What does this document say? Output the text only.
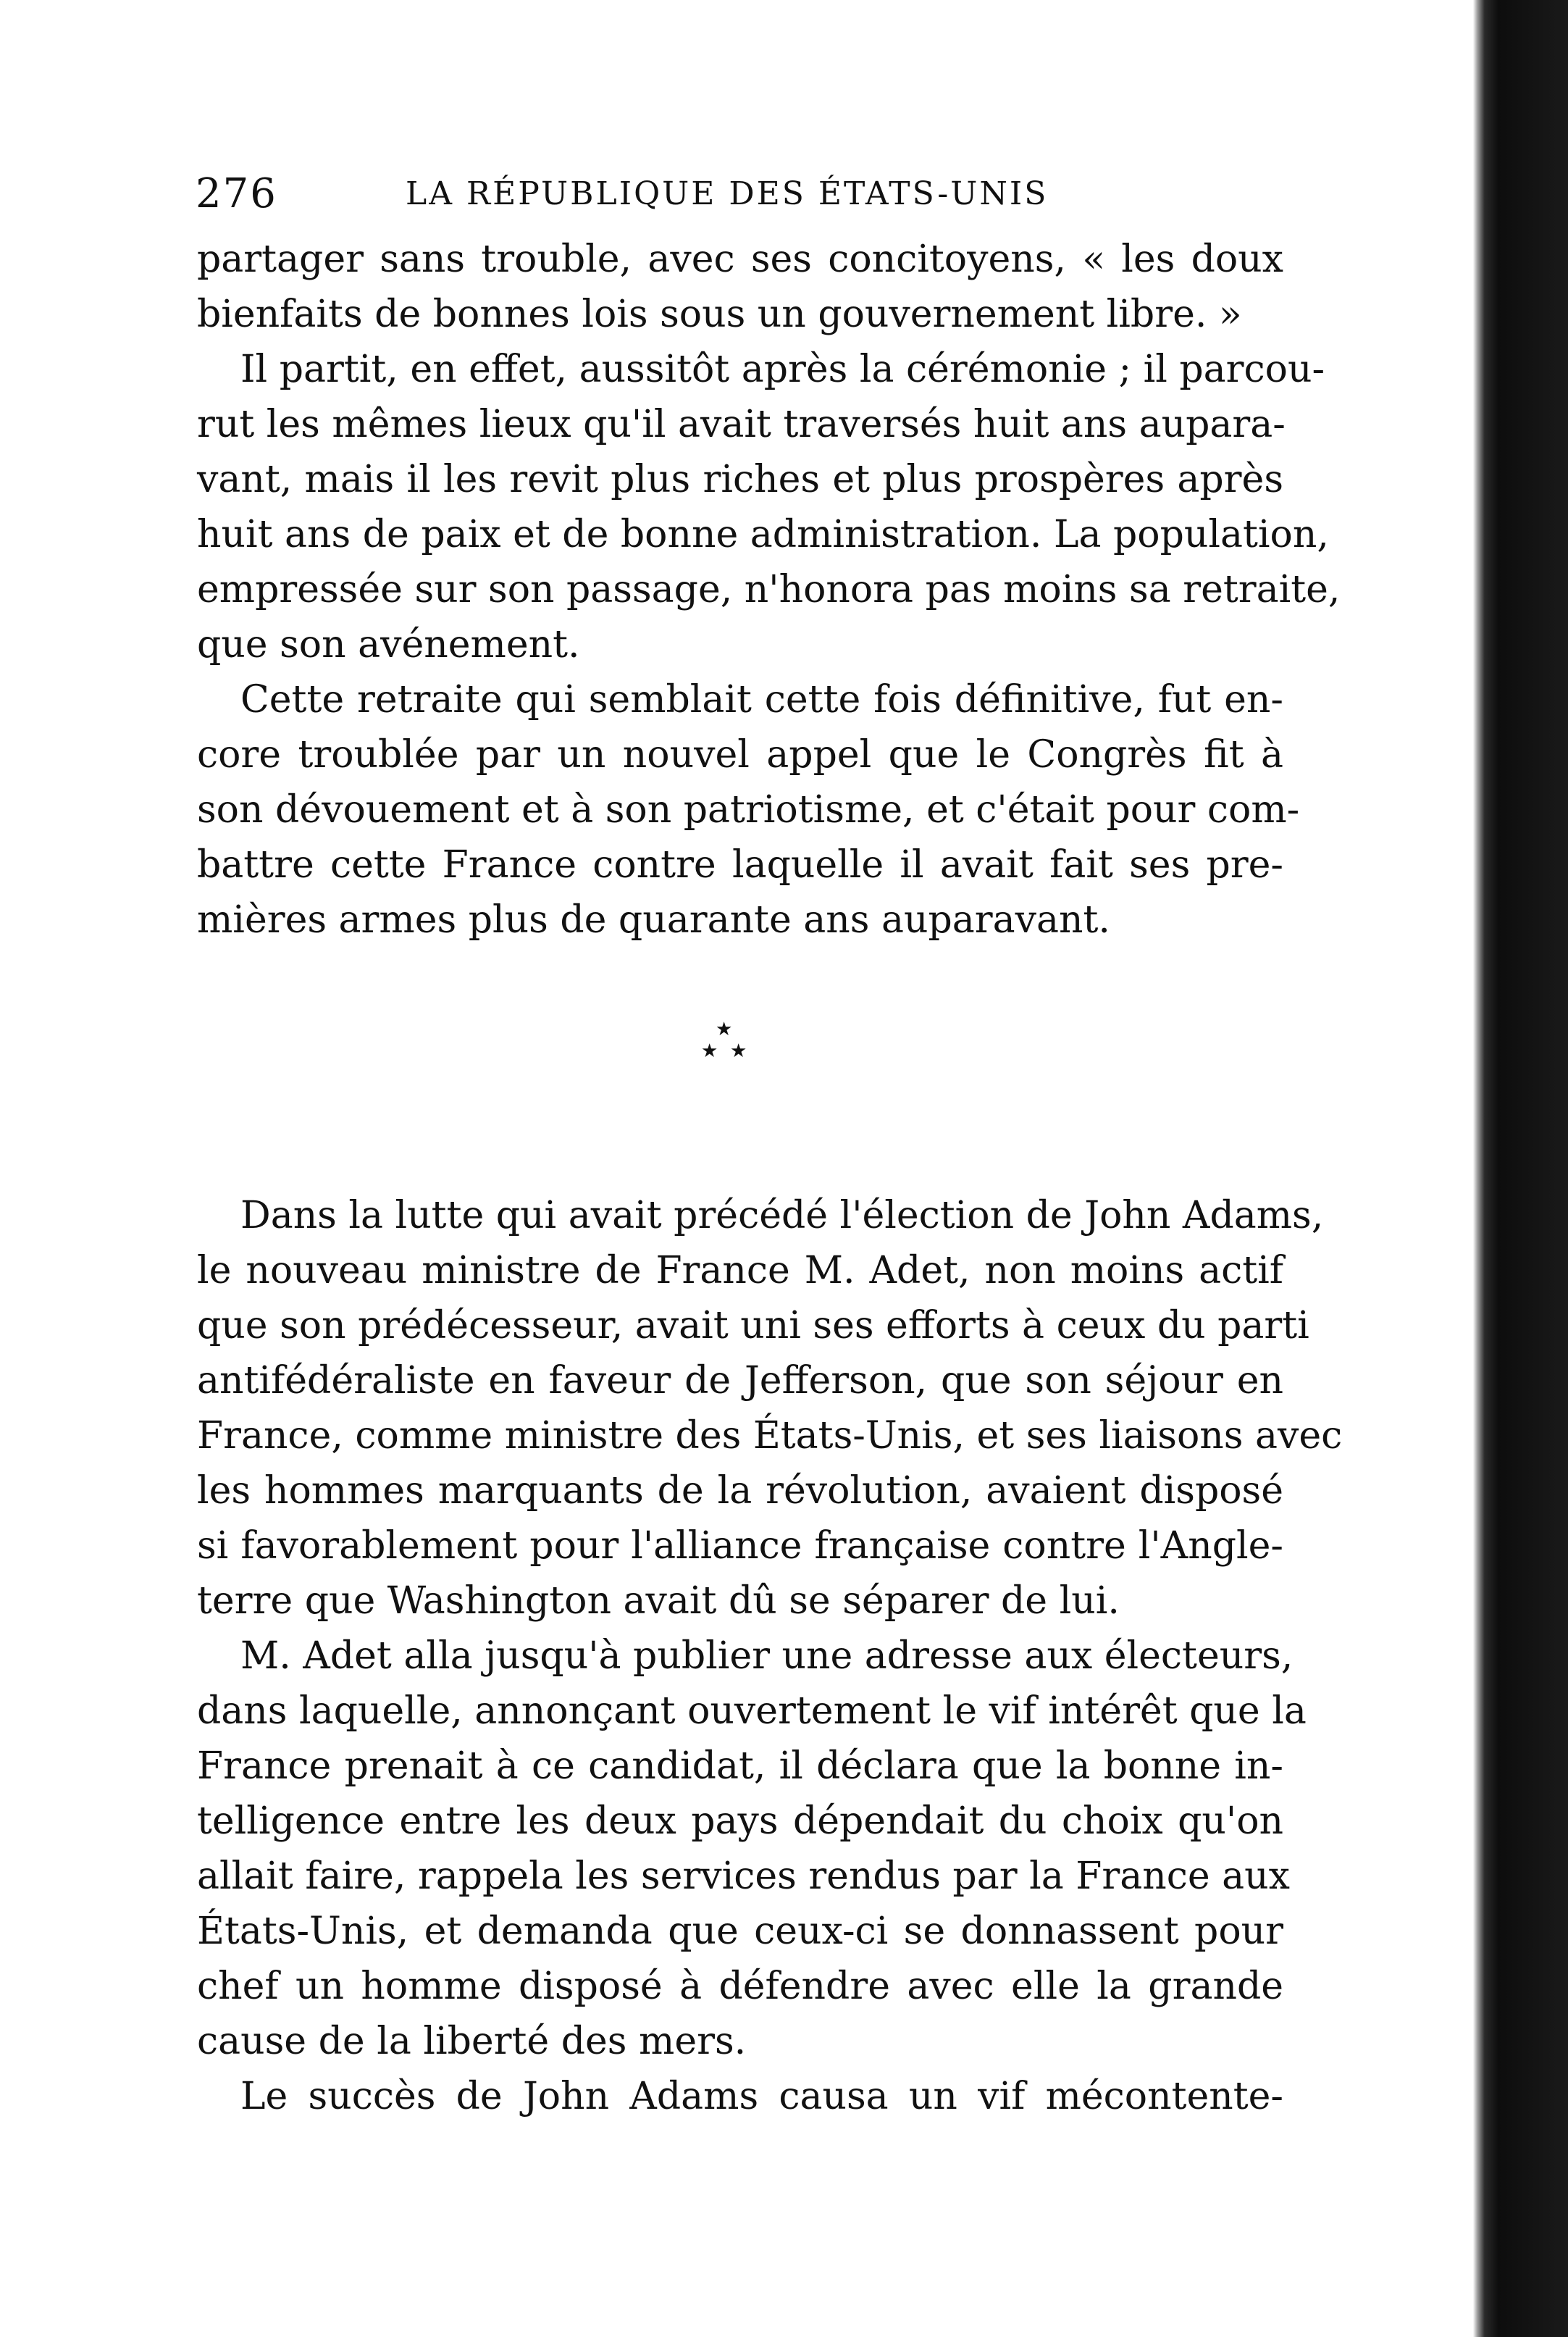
276	LA RÉPUBLIQUE DES ÉTATS-UNIS
partager sans trouble, avec ses concitoyens, « les doux
bienfaits de bonnes lois sous un gouvernement libre. »
Il partit, en effet, aussitôt après la cérémonie ; il parcou-
rut les mêmes lieux qu'il avait traversés huit ans aupara-
vant, mais il les revit plus riches et plus prospères après
huit ans de paix et de bonne administration. La population,
empressée sur son passage, n'honora pas moins sa retraite,
que son avénement.
Cette retraite qui semblait cette fois définitive, fut en-
core troublée par un nouvel appel que le Congrès fit à
son dévouement et à son patriotisme, et c'était pour com-
battre cette France contre laquelle il avait fait ses pre-
mières armes plus de quarante ans auparavant.
★
★ ★
Dans la lutte qui avait précédé l'élection de John Adams,
le nouveau ministre de France M. Adet, non moins actif
que son prédécesseur, avait uni ses efforts à ceux du parti
antifédéraliste en faveur de Jefferson, que son séjour en
France, comme ministre des États-Unis, et ses liaisons avec
les hommes marquants de la révolution, avaient disposé
si favorablement pour l'alliance française contre l'Angle-
terre que Washington avait dû se séparer de lui.
M. Adet alla jusqu'à publier une adresse aux électeurs,
dans laquelle, annonçant ouvertement le vif intérêt que la
France prenait à ce candidat, il déclara que la bonne in-
telligence entre les deux pays dépendait du choix qu'on
allait faire, rappela les services rendus par la France aux
États-Unis, et demanda que ceux-ci se donnassent pour
chef un homme disposé à défendre avec elle la grande
cause de la liberté des mers.
Le succès de John Adams causa un vif mécontente-
